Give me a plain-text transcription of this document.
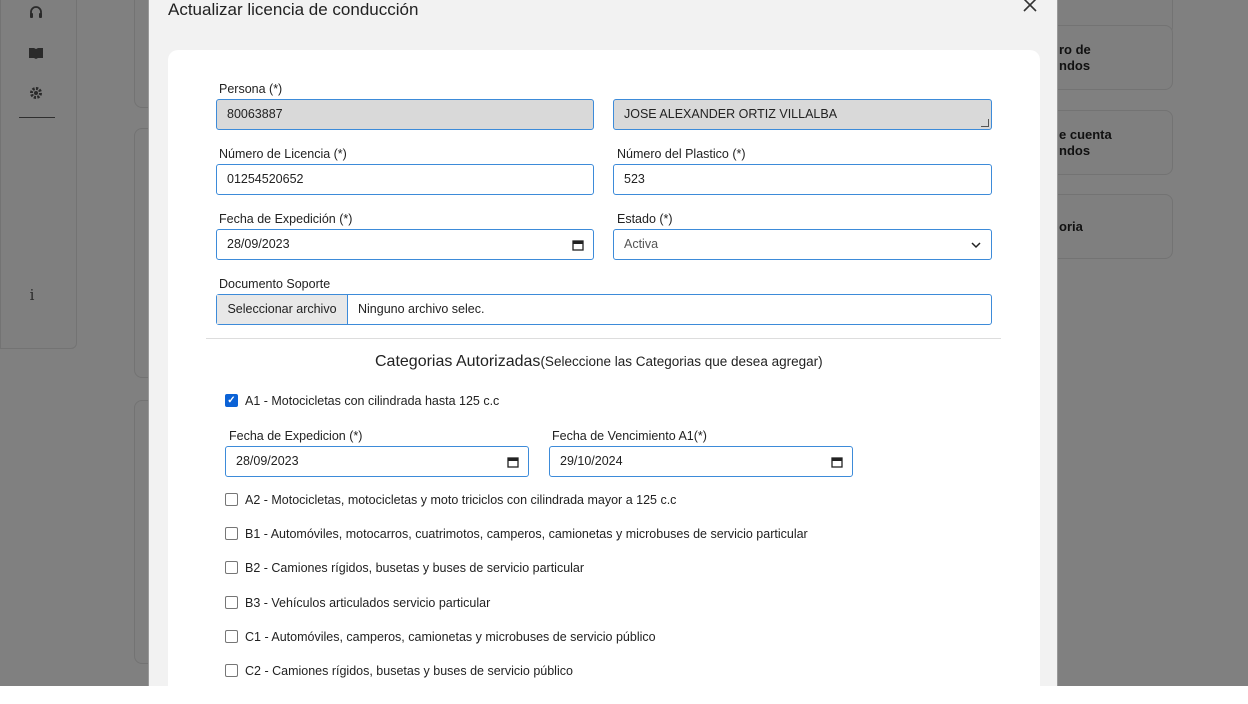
i
ro de
ndos
e cuenta
ndos
oria
Actualizar licencia de conducción
Persona (*)
80063887	JOSE ALEXANDER ORTIZ VILLALBA
Número de Licencia (*)
01254520652
Número del Plastico (*)
523
Fecha de Expedición (*)
28/09/2023
Estado (*)
Activa
Documento Soporte
Seleccionar archivo	Ninguno archivo selec.
Categorias Autorizadas(Seleccione las Categorias que desea agregar)
✓ A1 - Motocicletas con cilindrada hasta 125 c.c
Fecha de Expedicion (*)
28/09/2023
Fecha de Vencimiento A1(*)
29/10/2024
A2 - Motocicletas, motocicletas y moto triciclos con cilindrada mayor a 125 c.c
B1 - Automóviles, motocarros, cuatrimotos, camperos, camionetas y microbuses de servicio particular
B2 - Camiones rígidos, busetas y buses de servicio particular
B3 - Vehículos articulados servicio particular
C1 - Automóviles, camperos, camionetas y microbuses de servicio público
C2 - Camiones rígidos, busetas y buses de servicio público
